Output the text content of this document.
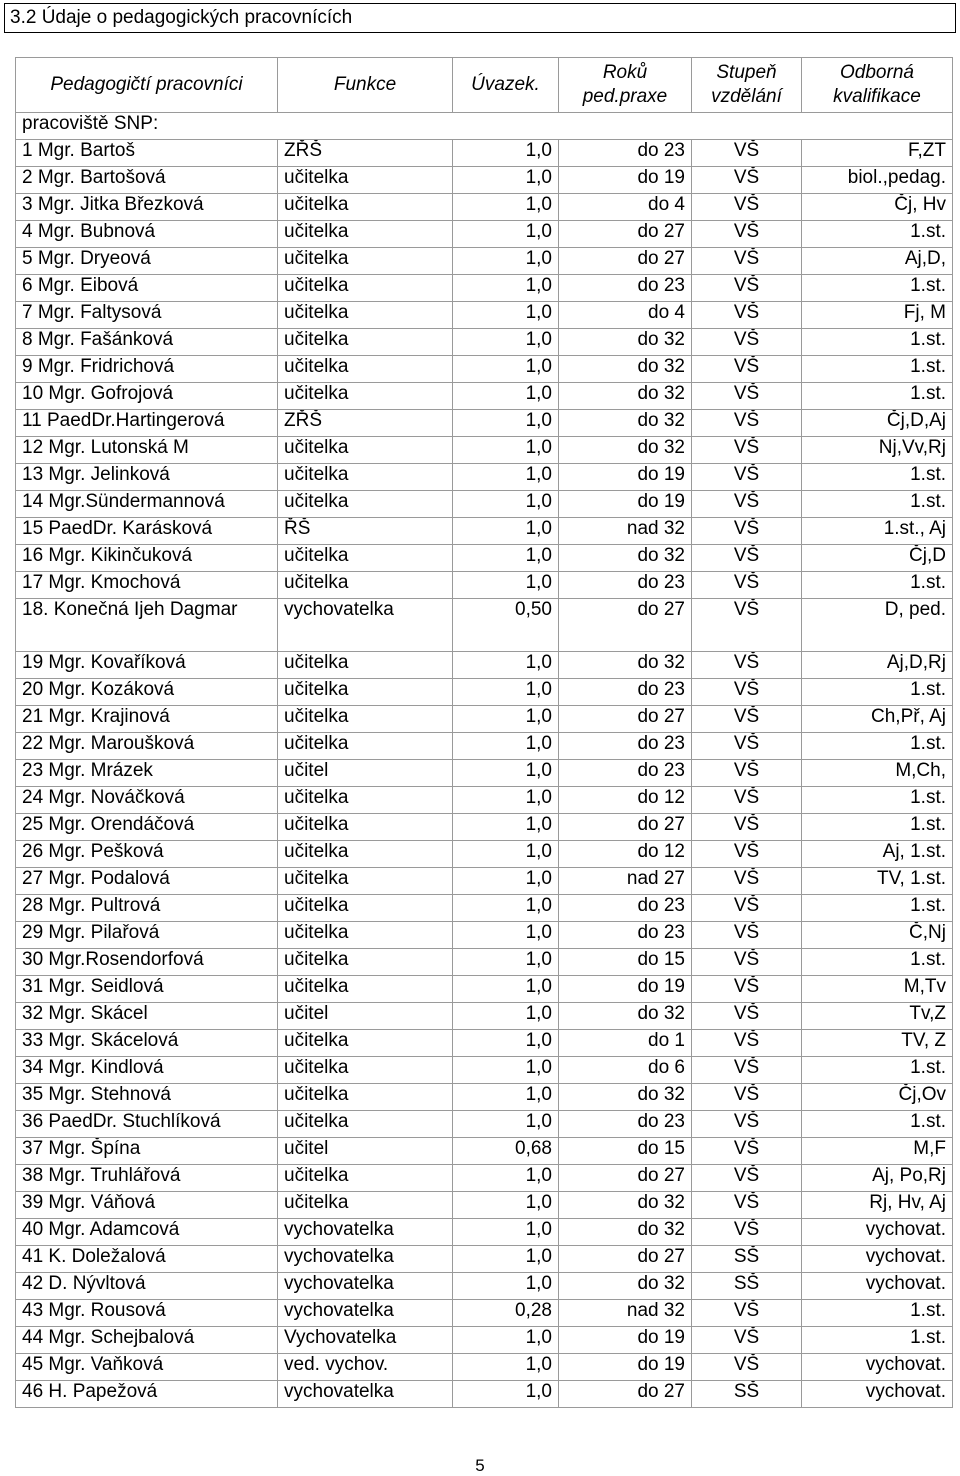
3.2 Údaje o pedagogických pracovnících
Pedagogičtí pracovníci	Funkce	Úvazek.	Roků ped.praxe	Stupeň vzdělání	Odborná kvalifikace
pracoviště SNP:					
1 Mgr. Bartoš	ZŘŠ	1,0	do 23	VŠ	F,ZT
2 Mgr. Bartošová	učitelka	1,0	do 19	VŠ	biol.,pedag.
3 Mgr. Jitka Březková	učitelka	1,0	do 4	VŠ	Čj, Hv
4 Mgr. Bubnová	učitelka	1,0	do 27	VŠ	1.st.
5 Mgr. Dryeová	učitelka	1,0	do 27	VŠ	Aj,D,
6 Mgr. Eibová	učitelka	1,0	do 23	VŠ	1.st.
7 Mgr. Faltysová	učitelka	1,0	do 4	VŠ	Fj, M
8 Mgr. Fašánková	učitelka	1,0	do 32	VŠ	1.st.
9 Mgr. Fridrichová	učitelka	1,0	do 32	VŠ	1.st.
10 Mgr. Gofrojová	učitelka	1,0	do 32	VŠ	1.st.
11 PaedDr.Hartingerová	ZŘŠ	1,0	do 32	VŠ	Čj,D,Aj
12 Mgr. Lutonská M	učitelka	1,0	do 32	VŠ	Nj,Vv,Rj
13 Mgr. Jelinková	učitelka	1,0	do 19	VŠ	1.st.
14 Mgr.Sündermannová	učitelka	1,0	do 19	VŠ	1.st.
15 PaedDr. Karásková	ŘŠ	1,0	nad 32	VŠ	1.st., Aj
16 Mgr. Kikinčuková	učitelka	1,0	do 32	VŠ	Čj,D
17 Mgr. Kmochová	učitelka	1,0	do 23	VŠ	1.st.
18. Konečná Ijeh Dagmar	vychovatelka	0,50	do 27	VŠ	D, ped.
19 Mgr. Kovaříková	učitelka	1,0	do 32	VŠ	Aj,D,Rj
20 Mgr. Kozáková	učitelka	1,0	do 23	VŠ	1.st.
21 Mgr. Krajinová	učitelka	1,0	do 27	VŠ	Ch,Př, Aj
22 Mgr. Maroušková	učitelka	1,0	do 23	VŠ	1.st.
23 Mgr. Mrázek	učitel	1,0	do 23	VŠ	M,Ch,
24 Mgr. Nováčková	učitelka	1,0	do 12	VŠ	1.st.
25 Mgr. Orendáčová	učitelka	1,0	do 27	VŠ	1.st.
26 Mgr. Pešková	učitelka	1,0	do 12	VŠ	Aj, 1.st.
27 Mgr. Podalová	učitelka	1,0	nad 27	VŠ	TV, 1.st.
28 Mgr. Pultrová	učitelka	1,0	do 23	VŠ	1.st.
29 Mgr. Pilařová	učitelka	1,0	do 23	VŠ	Č,Nj
30 Mgr.Rosendorfová	učitelka	1,0	do 15	VŠ	1.st.
31 Mgr. Seidlová	učitelka	1,0	do 19	VŠ	M,Tv
32 Mgr. Skácel	učitel	1,0	do 32	VŠ	Tv,Z
33 Mgr. Skácelová	učitelka	1,0	do 1	VŠ	TV, Z
34 Mgr. Kindlová	učitelka	1,0	do 6	VŠ	1.st.
35 Mgr. Stehnová	učitelka	1,0	do 32	VŠ	Čj,Ov
36 PaedDr. Stuchlíková	učitelka	1,0	do 23	VŠ	1.st.
37 Mgr. Špína	učitel	0,68	do 15	VŠ	M,F
38 Mgr. Truhlářová	učitelka	1,0	do 27	VŠ	Aj, Po,Rj
39 Mgr. Váňová	učitelka	1,0	do 32	VŠ	Rj, Hv, Aj
40 Mgr. Adamcová	vychovatelka	1,0	do 32	VŠ	vychovat.
41 K. Doležalová	vychovatelka	1,0	do 27	SŠ	vychovat.
42 D. Nývltová	vychovatelka	1,0	do 32	SŠ	vychovat.
43 Mgr. Rousová	vychovatelka	0,28	nad 32	VŠ	1.st.
44 Mgr. Schejbalová	Vychovatelka	1,0	do 19	VŠ	1.st.
45 Mgr. Vaňková	ved. vychov.	1,0	do 19	VŠ	vychovat.
46 H. Papežová	vychovatelka	1,0	do 27	SŠ	vychovat.
5
